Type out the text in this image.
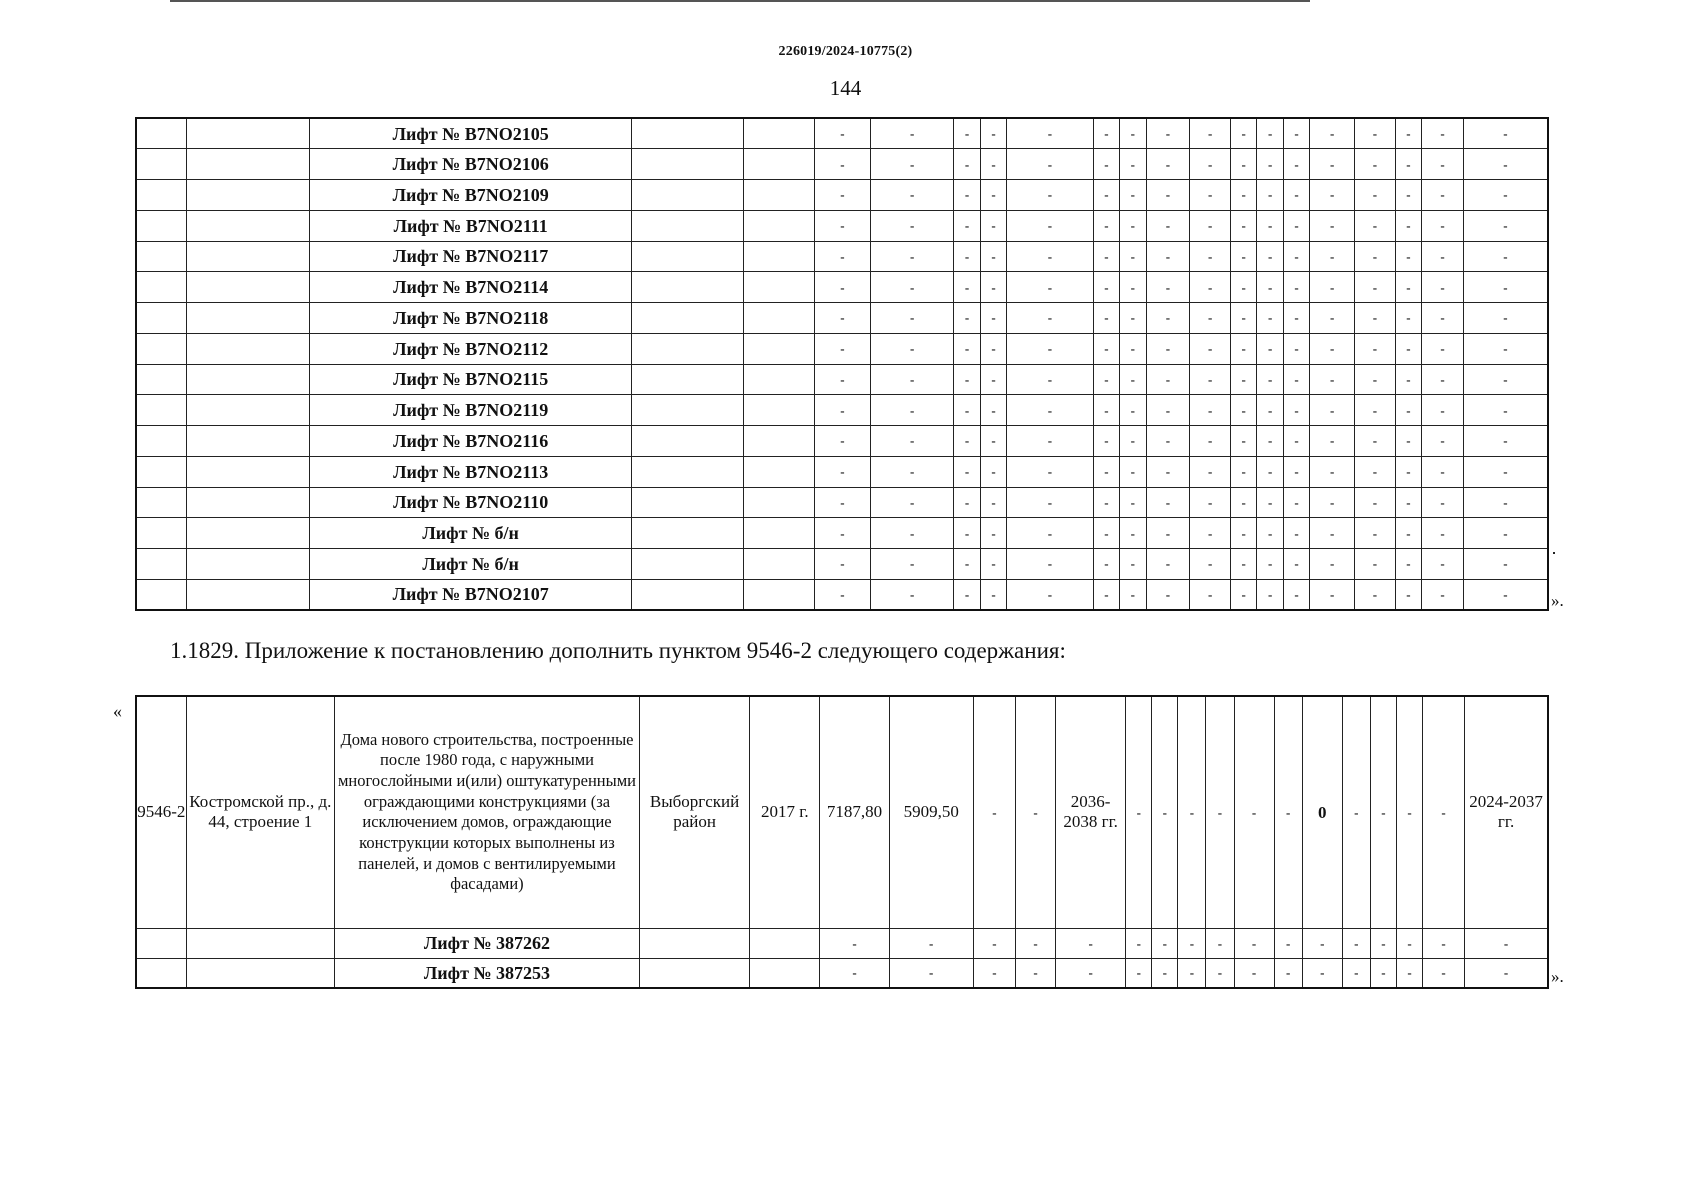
226019/2024-10775(2)
144
		Лифт № B7NO2105			-	-	-	-	-	-	-	-	-	-	-	-	-	-	-	-	-
		Лифт № B7NO2106			-	-	-	-	-	-	-	-	-	-	-	-	-	-	-	-	-
		Лифт № B7NO2109			-	-	-	-	-	-	-	-	-	-	-	-	-	-	-	-	-
		Лифт № B7NO2111			-	-	-	-	-	-	-	-	-	-	-	-	-	-	-	-	-
		Лифт № B7NO2117			-	-	-	-	-	-	-	-	-	-	-	-	-	-	-	-	-
		Лифт № B7NO2114			-	-	-	-	-	-	-	-	-	-	-	-	-	-	-	-	-
		Лифт № B7NO2118			-	-	-	-	-	-	-	-	-	-	-	-	-	-	-	-	-
		Лифт № B7NO2112			-	-	-	-	-	-	-	-	-	-	-	-	-	-	-	-	-
		Лифт № B7NO2115			-	-	-	-	-	-	-	-	-	-	-	-	-	-	-	-	-
		Лифт № B7NO2119			-	-	-	-	-	-	-	-	-	-	-	-	-	-	-	-	-
		Лифт № B7NO2116			-	-	-	-	-	-	-	-	-	-	-	-	-	-	-	-	-
		Лифт № B7NO2113			-	-	-	-	-	-	-	-	-	-	-	-	-	-	-	-	-
		Лифт № B7NO2110			-	-	-	-	-	-	-	-	-	-	-	-	-	-	-	-	-
		Лифт № б/н			-	-	-	-	-	-	-	-	-	-	-	-	-	-	-	-	-
		Лифт № б/н			-	-	-	-	-	-	-	-	-	-	-	-	-	-	-	-	-
		Лифт № B7NO2107			-	-	-	-	-	-	-	-	-	-	-	-	-	-	-	-	-	».
1.1829. Приложение к постановлению дополнить пунктом 9546-2 следующего содержания:
«
9546-2	Костромской пр., д. 44, строение 1	Дома нового строительства, построенные после 1980 года, с наружными многослойными и(или) оштукатуренными ограждающими конструкциями (за исключением домов, ограждающие конструкции которых выполнены из панелей, и домов с вентилируемыми фасадами)	Выборгский район	2017 г.	7187,80	5909,50	-	-	2036-2038 гг.	-	-	-	-	-	-	0	-	-	-	-	2024-2037 гг.
		Лифт № 387262			-	-	-	-	-	-	-	-	-	-	-	-	-	-	-	-	-
		Лифт № 387253			-	-	-	-	-	-	-	-	-	-	-	-	-	-	-	-	-	».
